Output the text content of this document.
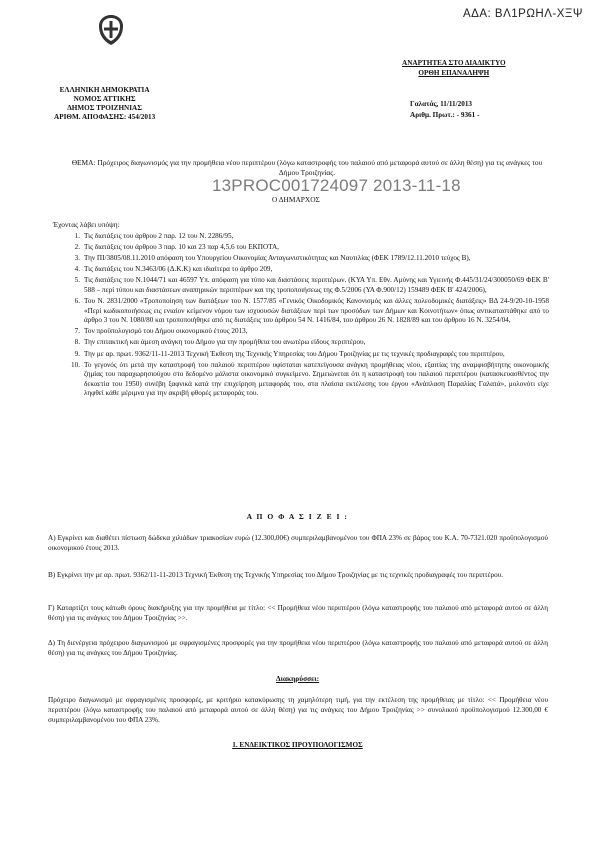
ΑΔΑ: ΒΛ1ΡΩΗΛ-ΧΞΨ
ΕΛΛΗΝΙΚΗ ΔΗΜΟΚΡΑΤΙΑ
ΝΟΜΟΣ ΑΤΤΙΚΗΣ
ΔΗΜΟΣ ΤΡΟΙΖΗΝΙΑΣ
ΑΡΙΘΜ. ΑΠΟΦΑΣΗΣ: 454/2013
ΑΝΑΡΤΗΤΕΑ ΣΤΟ ΔΙΑΔΙΚΤΥΟ
ΟΡΘΗ ΕΠΑΝΑΛΗΨΗ
Γαλατάς, 11/11/2013
Αριθμ. Πρωτ.: - 9361 -
ΘΕΜΑ: Πρόχειρος διαγωνισμός για την προμήθεια νέου περιπτέρου (λόγω καταστροφής του παλαιού από μεταφορά αυτού σε άλλη θέση) για τις ανάγκες του Δήμου Τροιζηνίας.
13PROC001724097 2013-11-18
Ο ΔΗΜΑΡΧΟΣ
Έχοντας λάβει υπόψη:
1. Τις διατάξεις του άρθρου 2 παρ. 12 του Ν. 2286/95,
2. Τις διατάξεις του άρθρου 3 παρ. 10 και 23 παρ 4,5,6 του ΕΚΠΟΤΑ,
3. Την ΠΙ/3805/08.11.2010 απόφαση του Υπουργείου Οικονομίας Ανταγωνιστικότητας και Ναυτιλίας (ΦΕΚ 1789/12.11.2010 τεύχος Β),
4. Τις διατάξεις του Ν.3463/06 (Δ.Κ.Κ) και ιδιαίτερα το άρθρο 209,
5. Τις διατάξεις του Ν.1044/71 και 46597 Υπ. απόφαση για τύπο και διαστάσεις περιπτέρων. (ΚΥΑ Υπ. Εθν. Αμύνης και Υγιεινής Φ.445/31/24/300050/69 ΦΕΚ Β' 588 – περί τύπου και διαστάσεων αναπηρικών περιπτέρων και της τροποποιήσεως της Φ.5/2006 (ΥΑ Φ.900/12) 159489 ΦΕΚ Β' 424/2006),
6. Του Ν. 2831/2000 «Τροποποίηση των διατάξεων του Ν. 1577/85 «Γενικός Οικοδομικός Κανονισμός και άλλες πολεοδομικές διατάξεις» ΒΔ 24-9/20-10-1958 «Περί κωδικοποιήσεως εις ενιαίον κείμενον νόμου των ισχυουσών διατάξεων περί των προσόδων των Δήμων και Κοινοτήτων» όπως αντικαταστάθηκε από το άρθρο 3 του Ν. 1080/80 και τροποποιήθηκε από τις διατάξεις του άρθρου 54 Ν. 1416/84, του άρθρου 26 Ν. 1828/89 και του άρθρου 16 Ν. 3254/04,
7. Τον προϋπολογισμό του Δήμου οικονομικού έτους 2013,
8. Την επιτακτική και άμεση ανάγκη του Δήμου για την προμήθεια του ανωτέρω είδους περιπτέρου,
9. Την με αρ. πρωτ. 9362/11-11-2013 Τεχνική Έκθεση της Τεχνικής Υπηρεσίας του Δήμου Τροιζηνίας με τις τεχνικές προδιαγραφές του περιπτέρου,
10. Το γεγονός ότι μετά την καταστροφή του παλαιού περιπτέρου υφίσταται κατεπείγουσα ανάγκη προμήθειας νέου, εξαιτίας της αναμφισβήτητης οικονομικής ζημίας του παραχωρησιούχου στο δεδομένο μάλιστα οικονομικό συγκείμενο. Σημειώνεται ότι η καταστροφή του παλαιού περιπτέρου (κατασκευασθέντος την δεκαετία του 1950) συνέβη ξαφνικά κατά την επιχείρηση μεταφοράς του, στα πλαίσια εκτέλεσης του έργου «Ανάπλαση Παραλίας Γαλατά», μολονότι είχε ληφθεί κάθε μέριμνα για την ακριβή φθορές μεταφοράς του.
Α Π Ο Φ Α Σ Ι Ζ Ε Ι :
Α) Εγκρίνει και διαθέτει πίστωση δώδεκα χιλιάδων τριακοσίων ευρώ (12.300,00€) συμπεριλαμβανομένου του ΦΠΑ 23% σε βάρος του Κ.Α. 70-7321.020 προϋπολογισμού οικονομικού έτους 2013.
Β) Εγκρίνει την με αρ. πρωτ. 9362/11-11-2013 Τεχνική Έκθεση της Τεχνικής Υπηρεσίας του Δήμου Τροιζηνίας με τις τεχνικές προδιαγραφές του περιπτέρου.
Γ) Καταρτίζει τους κάτωθι όρους διακήρυξης για την προμήθεια με τίτλο: << Προμήθεια νέου περιπτέρου (λόγω καταστροφής του παλαιού από μεταφορά αυτού σε άλλη θέση) για τις ανάγκες του Δήμου Τροιζηνίας >>.
Δ) Τη διενέργεια πρόχειρου διαγωνισμού με σφραγισμένες προσφορές για την προμήθεια νέου περιπτέρου (λόγω καταστροφής του παλαιού από μεταφορά αυτού σε άλλη θέση) για τις ανάγκες του Δήμου Τροιζηνίας.
Διακηρύσσει:
Πρόχειρο διαγωνισμό με σφραγισμένες προσφορές, με κριτήριο κατακύρωσης τη χαμηλότερη τιμή, για την εκτέλεση της προμήθειας με τίτλο: << Προμήθεια νέου περιπτέρου (λόγω καταστροφής του παλαιού από μεταφορά αυτού σε άλλη θέση) για τις ανάγκες του Δήμου Τροιζηνίας >> συνολικού προϋπολογισμού 12.300,00 € συμπεριλαμβανομένου του ΦΠΑ 23%.
1. ΕΝΔΕΙΚΤΙΚΟΣ ΠΡΟΥΠΟΛΟΓΙΣΜΟΣ
